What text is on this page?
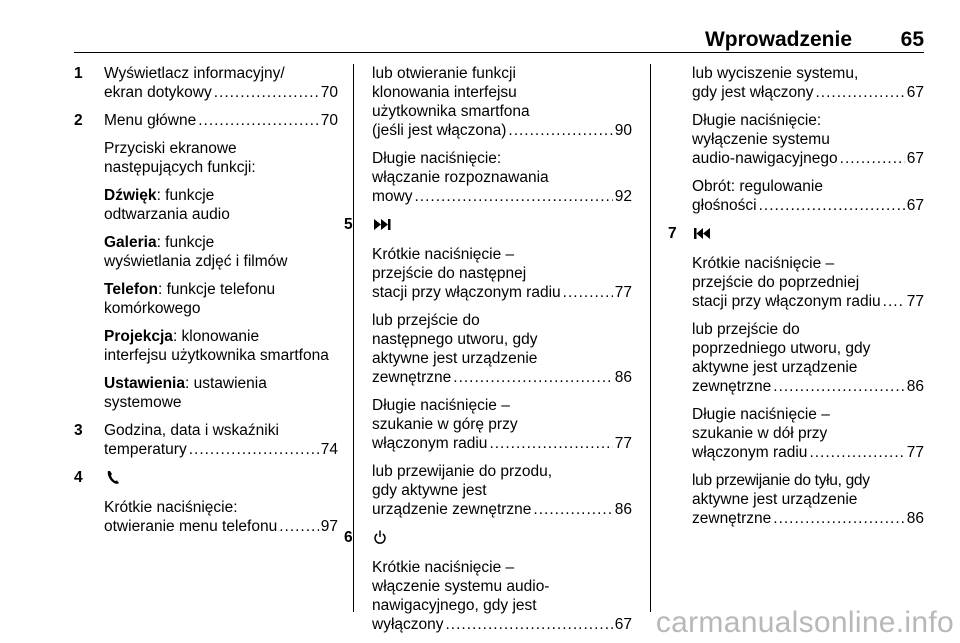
Wprowadzenie 65
1 Wyświetlacz informacyjny/
ekran dotykowy .....	70
2 Menu główne .....	70
Przyciski ekranowe
następujących funkcji:
Dźwięk: funkcje
odtwarzania audio
Galeria: funkcje
wyświetlania zdjęć i filmów
Telefon: funkcje telefonu
komórkowego
Projekcja: klonowanie
interfejsu użytkownika smartfona
Ustawienia: ustawienia
systemowe
3 Godzina, data i wskaźniki
temperatury .....	74
4
Krótkie naciśnięcie:
otwieranie menu telefonu .....	97
lub otwieranie funkcji
klonowania interfejsu
użytkownika smartfona
(jeśli jest włączona) .....	90
Długie naciśnięcie:
włączanie rozpoznawania
mowy .....	92
5
Krótkie naciśnięcie –
przejście do następnej
stacji przy włączonym radiu .....	77
lub przejście do
następnego utworu, gdy
aktywne jest urządzenie
zewnętrzne .....	86
Długie naciśnięcie –
szukanie w górę przy
włączonym radiu .....	77
lub przewijanie do przodu,
gdy aktywne jest
urządzenie zewnętrzne .....	86
6
Krótkie naciśnięcie –
włączenie systemu audio-
nawigacyjnego, gdy jest
wyłączony .....	67
lub wyciszenie systemu,
gdy jest włączony .....	67
Długie naciśnięcie:
wyłączenie systemu
audio-nawigacyjnego .....	67
Obrót: regulowanie
głośności .....	67
7
Krótkie naciśnięcie –
przejście do poprzedniej
stacji przy włączonym radiu ..... 77
lub przejście do
poprzedniego utworu, gdy
aktywne jest urządzenie
zewnętrzne .....	86
Długie naciśnięcie –
szukanie w dół przy
włączonym radiu .....	77
lub przewijanie do tyłu, gdy
aktywne jest urządzenie
zewnętrzne .....	86
carmanualsonline.info
